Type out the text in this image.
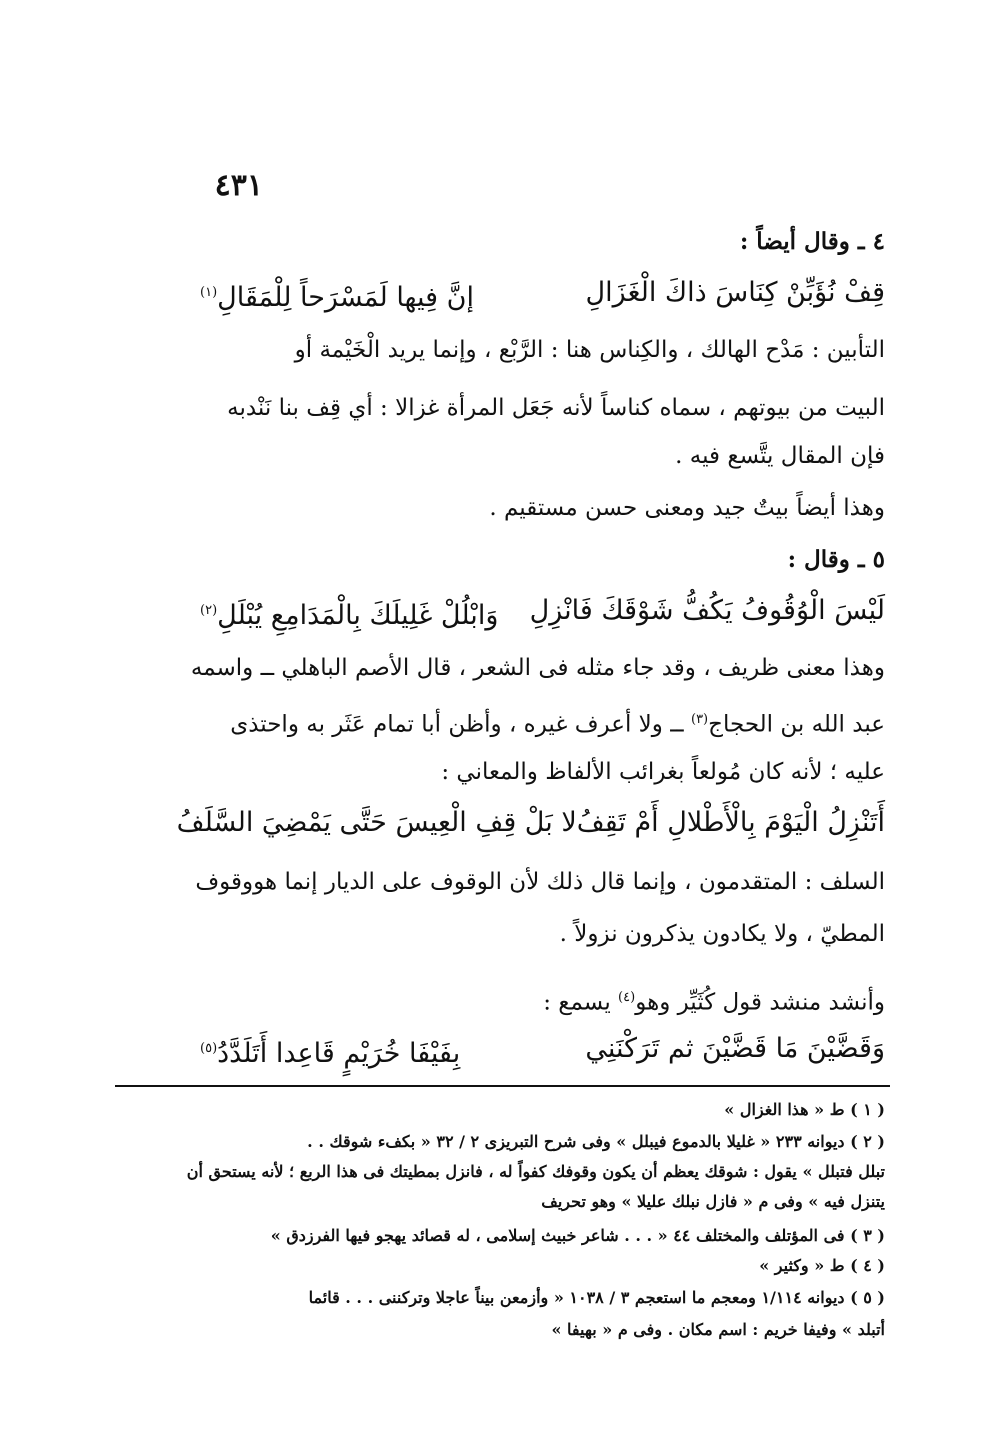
٤٣١
٤ ـ وقال أيضاً :
قِفْ نُؤَبِّنْ كِنَاسَ ذاكَ الْغَزَالِ
إنَّ فِيها لَمَسْرَحاً لِلْمَقَالِ$^{(١)}$
التأبين : مَدْح الهالك ، والكِناس هنا : الرَّبْع ، وإنما يريد الْخَيْمة أو
البيت من بيوتهم ، سماه كناساً لأنه جَعَل المرأة غزالا : أي قِف بنا نَنْدبه
فإن المقال يتَّسع فيه .
وهذا أيضاً بيتٌ جيد ومعنى حسن مستقيم .
٥ ـ وقال :
لَيْسَ الْوُقُوفُ يَكُفُّ شَوْقَكَ فَانْزِلِ
وَابْلُلْ غَلِيلَكَ بِالْمَدَامِعِ يُبْلَلِ$^{(٢)}$
وهذا معنى ظريف ، وقد جاء مثله فى الشعر ، قال الأصم الباهلي ــ واسمه
عبد الله بن الحجاج$^{(٣)}$ ــ ولا أعرف غيره ، وأظن أبا تمام عَثَر به واحتذى
عليه ؛ لأنه كان مُولعاً بغرائب الألفاظ والمعاني :
أَتَنْزِلُ الْيَوْمَ بِالْأَطْلالِ أَمْ تَقِفُ
لا بَلْ قِفِ الْعِيسَ حَتَّى يَمْضِيَ السَّلَفُ
السلف : المتقدمون ، وإنما قال ذلك لأن الوقوف على الديار إنما هووقوف
المطيّ ، ولا يكادون يذكرون نزولاً .
وأنشد منشد قول كُثَيِّر وهو$^{(٤)}$ يسمع :
وَقَضَّيْنَ مَا قَضَّيْنَ ثم تَرَكْنَنِي
بِفَيْفَا خُرَيْمٍ قَاعِدا أَتَلَدَّدُ$^{(٥)}$
( ١ ) ط « هذا الغزال »
( ٢ ) ديوانه ٢٣٣ « غليلا بالدموع فيبلل » وفى شرح التبريزى ٢ / ٣٢ « بكفء شوقك . .
تبلل فتبلل » يقول : شوقك يعظم أن يكون وقوفك كفواً له ، فانزل بمطيتك فى هذا الربع ؛ لأنه يستحق أن
يتنزل فيه » وفى م « فازل نبلك عليلا » وهو تحريف
( ٣ ) فى المؤتلف والمختلف ٤٤ « . . . شاعر خبيث إسلامى ، له قصائد يهجو فيها الفرزدق »
( ٤ ) ط « وكثير »
( ٥ ) ديوانه ١/١١٤ ومعجم ما استعجم ٣ / ١٠٣٨ « وأزمعن بيناً عاجلا وتركننى . . . قائما
أتبلد » وفيفا خريم : اسم مكان . وفى م « بهيفا »
